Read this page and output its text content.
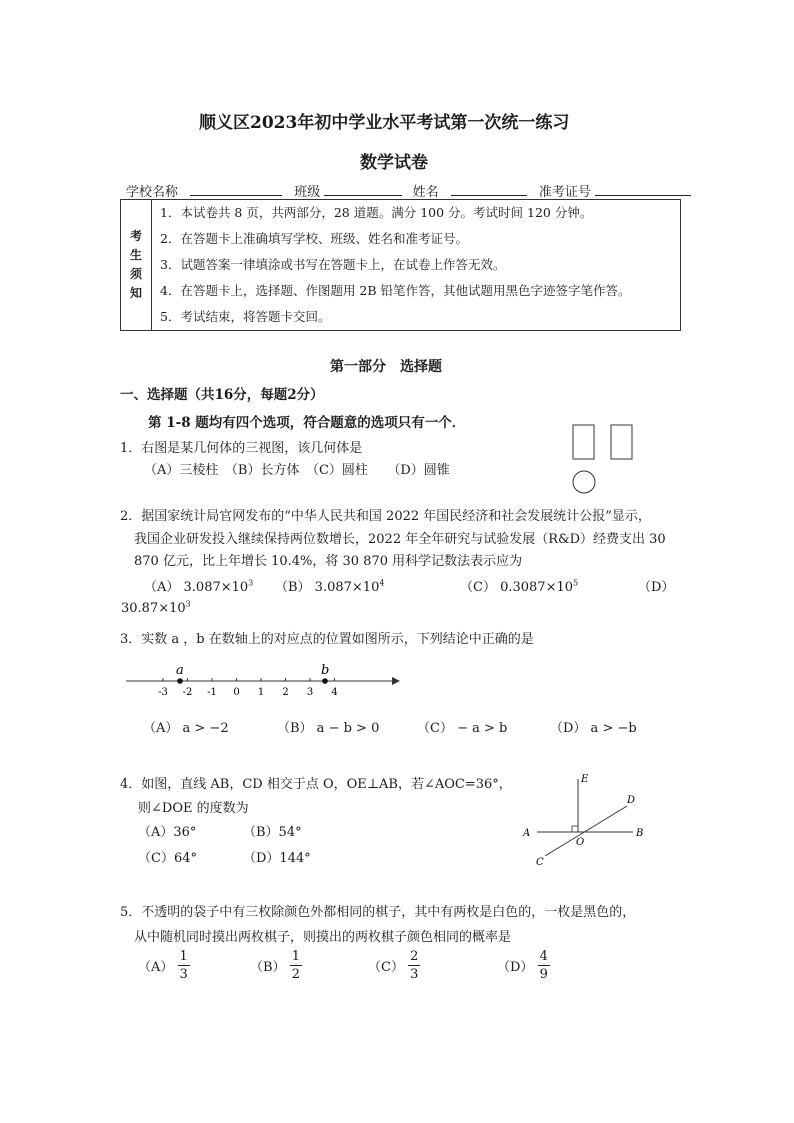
顺义区2023年初中学业水平考试第一次统一练习
数学试卷
学校名称	班级	姓名	准考证号
考
生
须
知

1．本试卷共 8 页，共两部分，28 道题。满分 100 分。考试时间 120 分钟。
2．在答题卡上准确填写学校、班级、姓名和准考证号。
3．试题答案一律填涂或书写在答题卡上，在试卷上作答无效。
4．在答题卡上，选择题、作图题用 2B 铅笔作答，其他试题用黑色字迹签字笔作答。
5．考试结束，将答题卡交回。
第一部分　选择题
一、选择题（共16分，每题2分）
第 1-8 题均有四个选项，符合题意的选项只有一个．
1．右图是某几何体的三视图，该几何体是
（A）三棱柱　（B）长方体　（C）圆柱　　（D）圆锥
2．据国家统计局官网发布的“中华人民共和国 2022 年国民经济和社会发展统计公报”显示，
我国企业研发投入继续保持两位数增长，2022 年全年研究与试验发展（R&D）经费支出 30
870 亿元，比上年增长 10.4%，将 30 870 用科学记数法表示应为
（A） $3.087\times 10^3$ （B） $3.087\times 10^4$	（C） $0.3087\times 10^5$	（D）
$30.87\times 10^3$
3．实数 a ，b 在数轴上的对应点的位置如图所示，下列结论中正确的是
-3 -2 -1 0 1 2 3 4
a	b
（A） a > −2	（B） a − b > 0	（C） − a > b	（D） a > −b
4．如图，直线 AB，CD 相交于点 O，OE⊥AB，若∠AOC=36°，
则∠DOE 的度数为
（A）36°	（B）54°
（C）64°	（D）144°
E
D
A
O
B
C
5．不透明的袋子中有三枚除颜色外都相同的棋子，其中有两枚是白色的，一枚是黑色的，
从中随机同时摸出两枚棋子，则摸出的两枚棋子颜色相同的概率是
$(A) \frac{1}{3}$	$(B) \frac{1}{2}$	$(C) \frac{2}{3}$	$(D) \frac{4}{9}$
